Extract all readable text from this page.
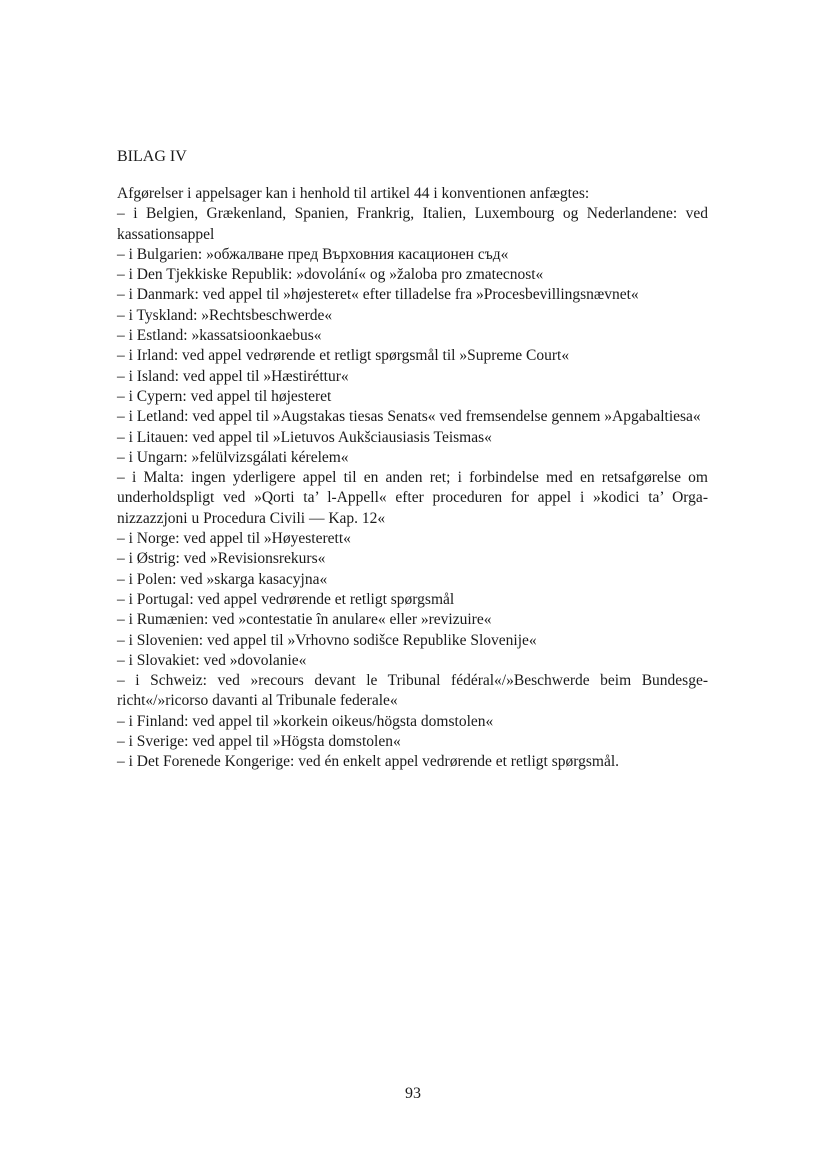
BILAG IV

Afgørelser i appelsager kan i henhold til artikel 44 i konventionen anfægtes:

– i Belgien, Grækenland, Spanien, Frankrig, Italien, Luxembourg og Nederlandene: ved kassationsappel
– i Bulgarien: »обжалване пред Върховния касационен съд«
– i Den Tjekkiske Republik: »dovolání« og »žaloba pro zmatecnost«
– i Danmark: ved appel til »højesteret« efter tilladelse fra »Procesbevillingsnævnet«
– i Tyskland: »Rechtsbeschwerde«
– i Estland: »kassatsioonkaebus«
– i Irland: ved appel vedrørende et retligt spørgsmål til »Supreme Court«
– i Island: ved appel til »Hæstiréttur«
– i Cypern: ved appel til højesteret
– i Letland: ved appel til »Augstakas tiesas Senats« ved fremsendelse gennem »Apgabaltiesa«
– i Litauen: ved appel til »Lietuvos Aukšciausiasis Teismas«
– i Ungarn: »felülvizsgálati kérelem«
– i Malta: ingen yderligere appel til en anden ret; i forbindelse med en retsafgørelse om underholdspligt ved »Qorti ta’ l-Appell« efter proceduren for appel i »kodici ta’ Organizzazzjoni u Procedura Civili — Kap. 12«
– i Norge: ved appel til »Høyesterett«
– i Østrig: ved »Revisionsrekurs«
– i Polen: ved »skarga kasacyjna«
– i Portugal: ved appel vedrørende et retligt spørgsmål
– i Rumænien: ved »contestatie în anulare« eller »revizuire«
– i Slovenien: ved appel til »Vrhovno sodišce Republike Slovenije«
– i Slovakiet: ved »dovolanie«
– i Schweiz: ved »recours devant le Tribunal fédéral«/»Beschwerde beim Bundesgericht«/»ricorso davanti al Tribunale federale«
– i Finland: ved appel til »korkein oikeus/högsta domstolen«
– i Sverige: ved appel til »Högsta domstolen«
– i Det Forenede Kongerige: ved én enkelt appel vedrørende et retligt spørgsmål.
93
